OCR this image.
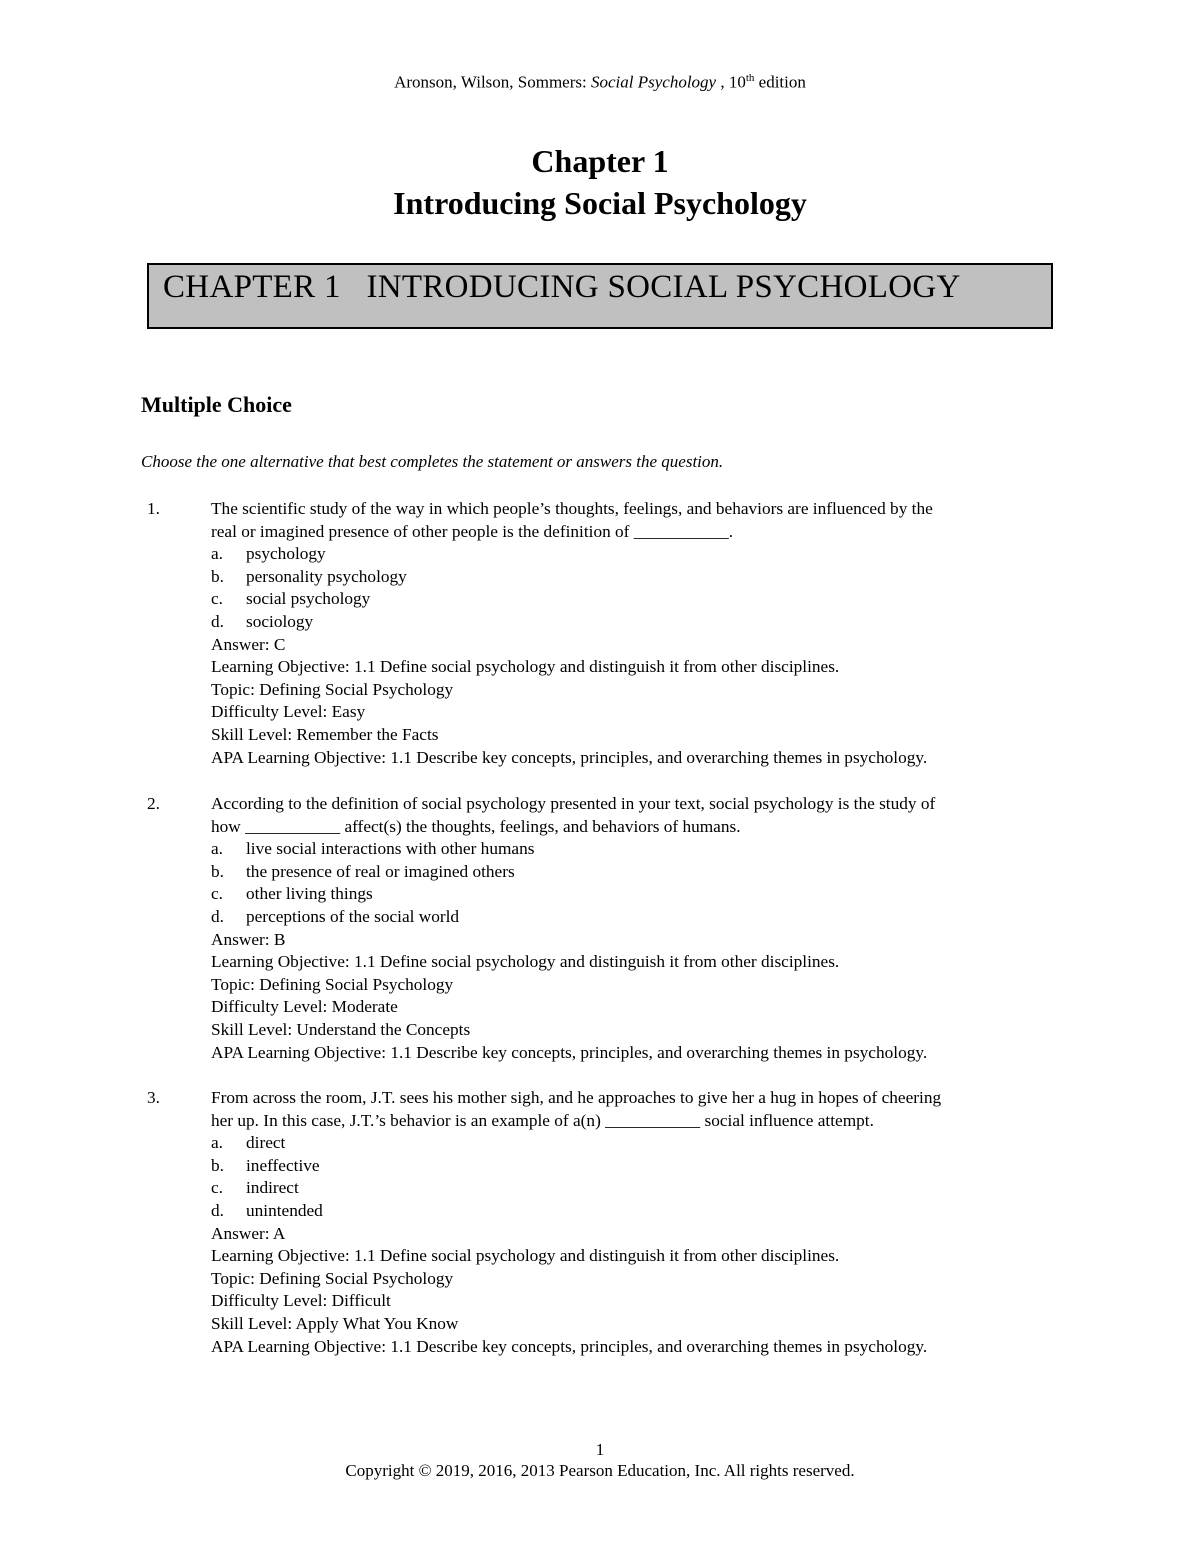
Aronson, Wilson, Sommers: Social Psychology , 10th edition
Chapter 1
Introducing Social Psychology
CHAPTER 1   INTRODUCING SOCIAL PSYCHOLOGY
Multiple Choice
Choose the one alternative that best completes the statement or answers the question.
1.	The scientific study of the way in which people’s thoughts, feelings, and behaviors are influenced by the
real or imagined presence of other people is the definition of ___________.
a.	psychology
b.	personality psychology
c.	social psychology
d.	sociology
Answer: C
Learning Objective: 1.1 Define social psychology and distinguish it from other disciplines.
Topic: Defining Social Psychology
Difficulty Level: Easy
Skill Level: Remember the Facts
APA Learning Objective: 1.1 Describe key concepts, principles, and overarching themes in psychology.
2.	According to the definition of social psychology presented in your text, social psychology is the study of
how ___________ affect(s) the thoughts, feelings, and behaviors of humans.
a.	live social interactions with other humans
b.	the presence of real or imagined others
c.	other living things
d.	perceptions of the social world
Answer: B
Learning Objective: 1.1 Define social psychology and distinguish it from other disciplines.
Topic: Defining Social Psychology
Difficulty Level: Moderate
Skill Level: Understand the Concepts
APA Learning Objective: 1.1 Describe key concepts, principles, and overarching themes in psychology.
3.	From across the room, J.T. sees his mother sigh, and he approaches to give her a hug in hopes of cheering
her up. In this case, J.T.’s behavior is an example of a(n) ___________ social influence attempt.
a.	direct
b.	ineffective
c.	indirect
d.	unintended
Answer: A
Learning Objective: 1.1 Define social psychology and distinguish it from other disciplines.
Topic: Defining Social Psychology
Difficulty Level: Difficult
Skill Level: Apply What You Know
APA Learning Objective: 1.1 Describe key concepts, principles, and overarching themes in psychology.
1
Copyright © 2019, 2016, 2013 Pearson Education, Inc. All rights reserved.
